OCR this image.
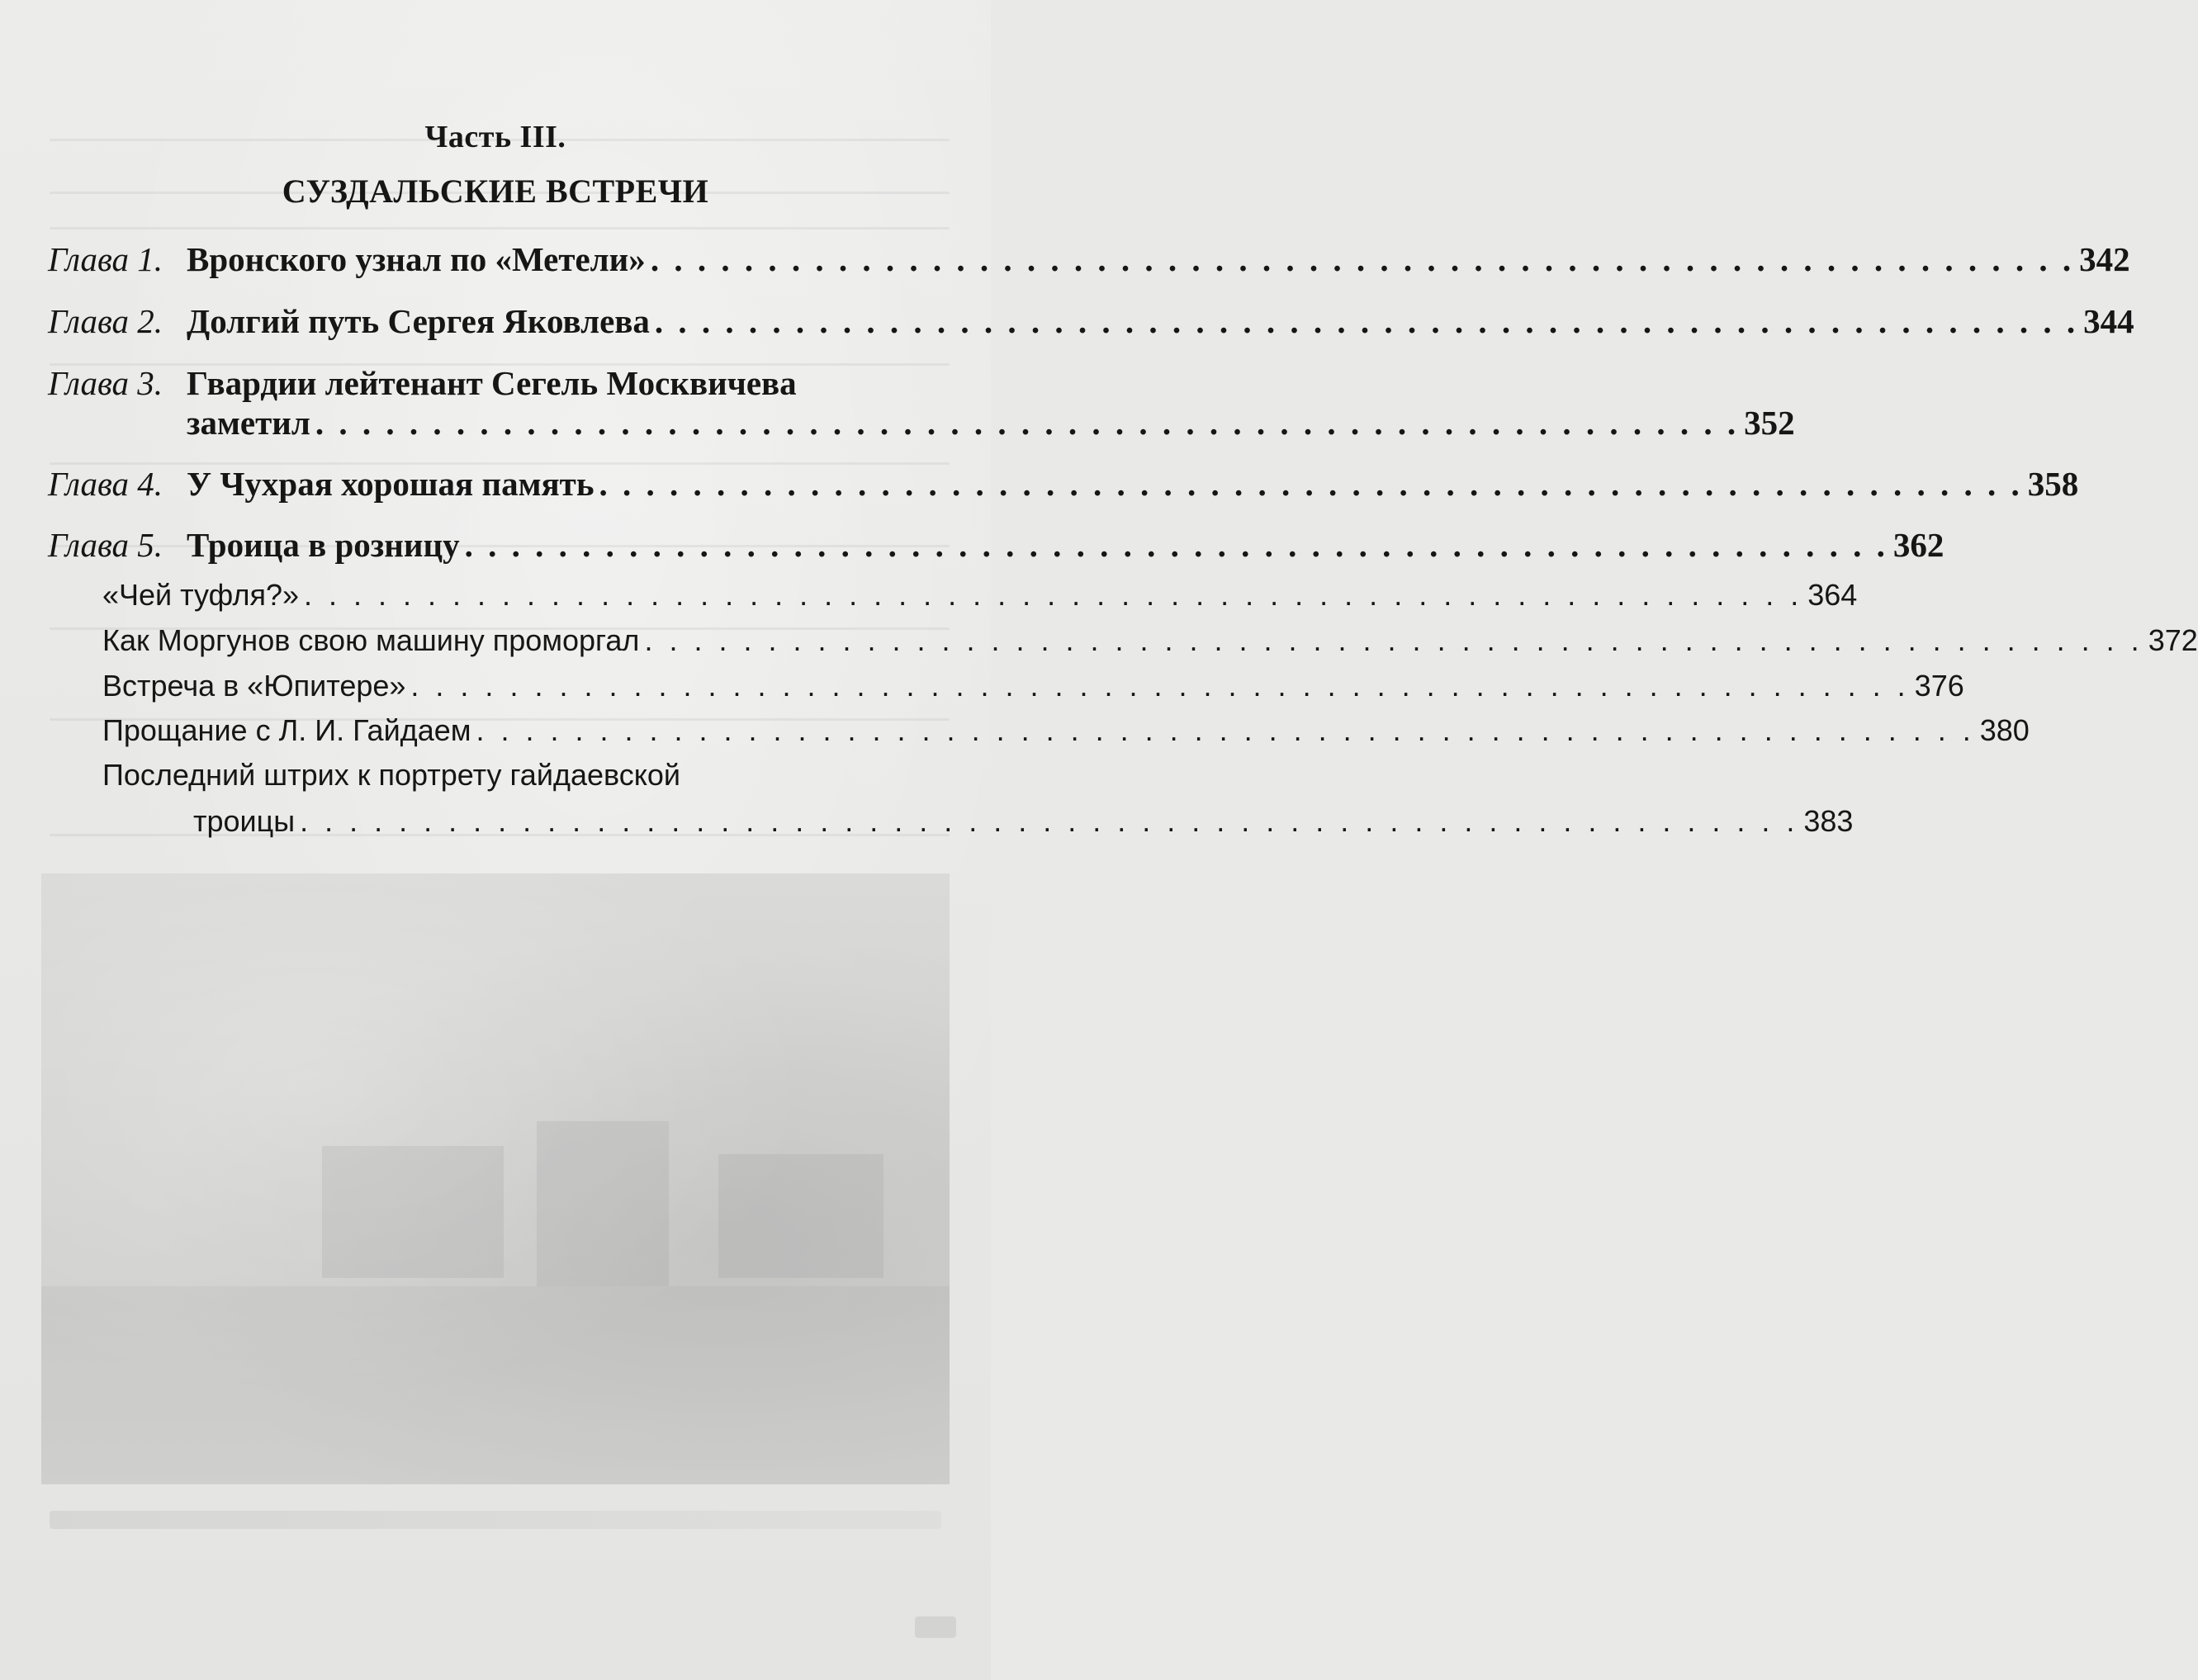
Часть III.
СУЗДАЛЬСКИЕ ВСТРЕЧИ
Глава 1. Вронского узнал по «Метели» . . . . . . . . . . . . . . . . . . . . . . . . . . . . . . . . . . . . . . . . . . . . . . . . . . . . . . . . . . . . . 342
Глава 2. Долгий путь Сергея Яковлева . . . . . . . . . . . . . . . . . . . . . . . . . . . . . . . . . . . . . . . . . . . . . . . . . . . . . . . . . . . . . 344
Глава 3. Гвардии лейтенант Сегель Москвичева
заметил . . . . . . . . . . . . . . . . . . . . . . . . . . . . . . . . . . . . . . . . . . . . . . . . . . . . . . . . . . . . . 352
Глава 4. У Чухрая хорошая память . . . . . . . . . . . . . . . . . . . . . . . . . . . . . . . . . . . . . . . . . . . . . . . . . . . . . . . . . . . . . 358
Глава 5. Троица в розницу . . . . . . . . . . . . . . . . . . . . . . . . . . . . . . . . . . . . . . . . . . . . . . . . . . . . . . . . . . . . . 362
«Чей туфля?» . . . . . . . . . . . . . . . . . . . . . . . . . . . . . . . . . . . . . . . . . . . . . . . . . . . . . . . . . . . . . 364
Как Моргунов свою машину проморгал . . . . . . . . . . . . . . . . . . . . . . . . . . . . . . . . . . . . . . . . . . . . . . . . . . . . . . . . . . . . . 372
Встреча в «Юпитере» . . . . . . . . . . . . . . . . . . . . . . . . . . . . . . . . . . . . . . . . . . . . . . . . . . . . . . . . . . . . . 376
Прощание с Л. И. Гайдаем . . . . . . . . . . . . . . . . . . . . . . . . . . . . . . . . . . . . . . . . . . . . . . . . . . . . . . . . . . . . . 380
Последний штрих к портрету гайдаевской
троицы . . . . . . . . . . . . . . . . . . . . . . . . . . . . . . . . . . . . . . . . . . . . . . . . . . . . . . . . . . . . . 383
